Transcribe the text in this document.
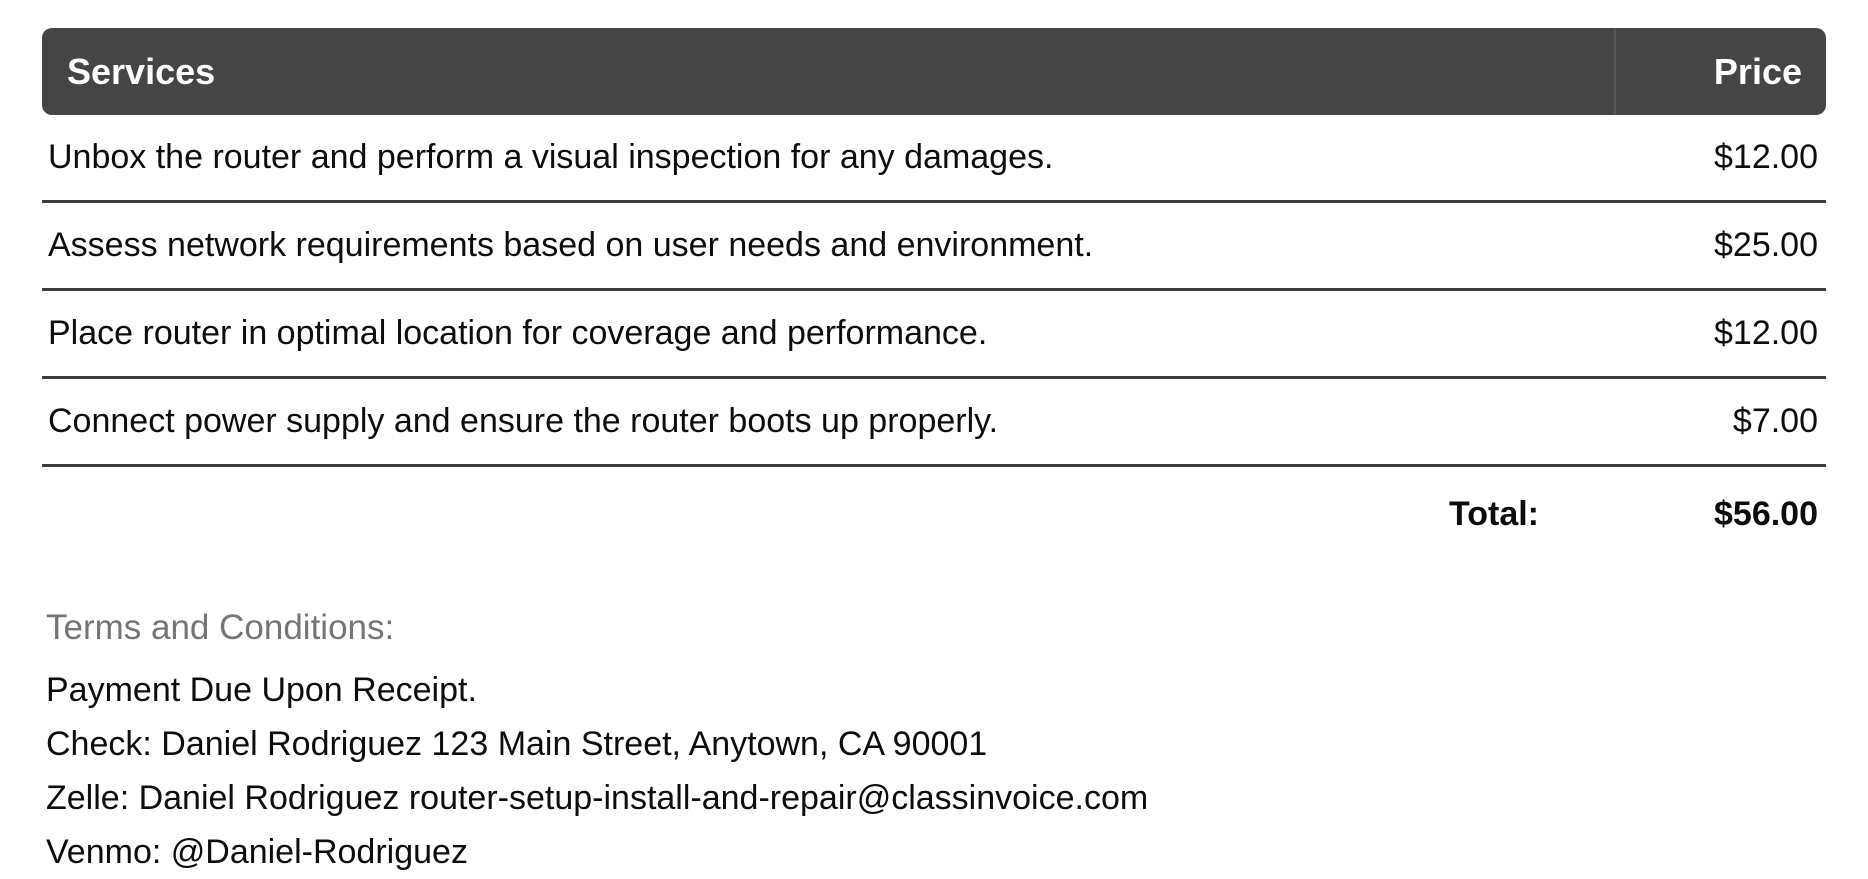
Services	Price
Unbox the router and perform a visual inspection for any damages.	$12.00
Assess network requirements based on user needs and environment.	$25.00
Place router in optimal location for coverage and performance.	$12.00
Connect power supply and ensure the router boots up properly.	$7.00
Total:	$56.00
Terms and Conditions:
Payment Due Upon Receipt.
Check: Daniel Rodriguez 123 Main Street, Anytown, CA 90001
Zelle: Daniel Rodriguez router-setup-install-and-repair@classinvoice.com
Venmo: @Daniel-Rodriguez
